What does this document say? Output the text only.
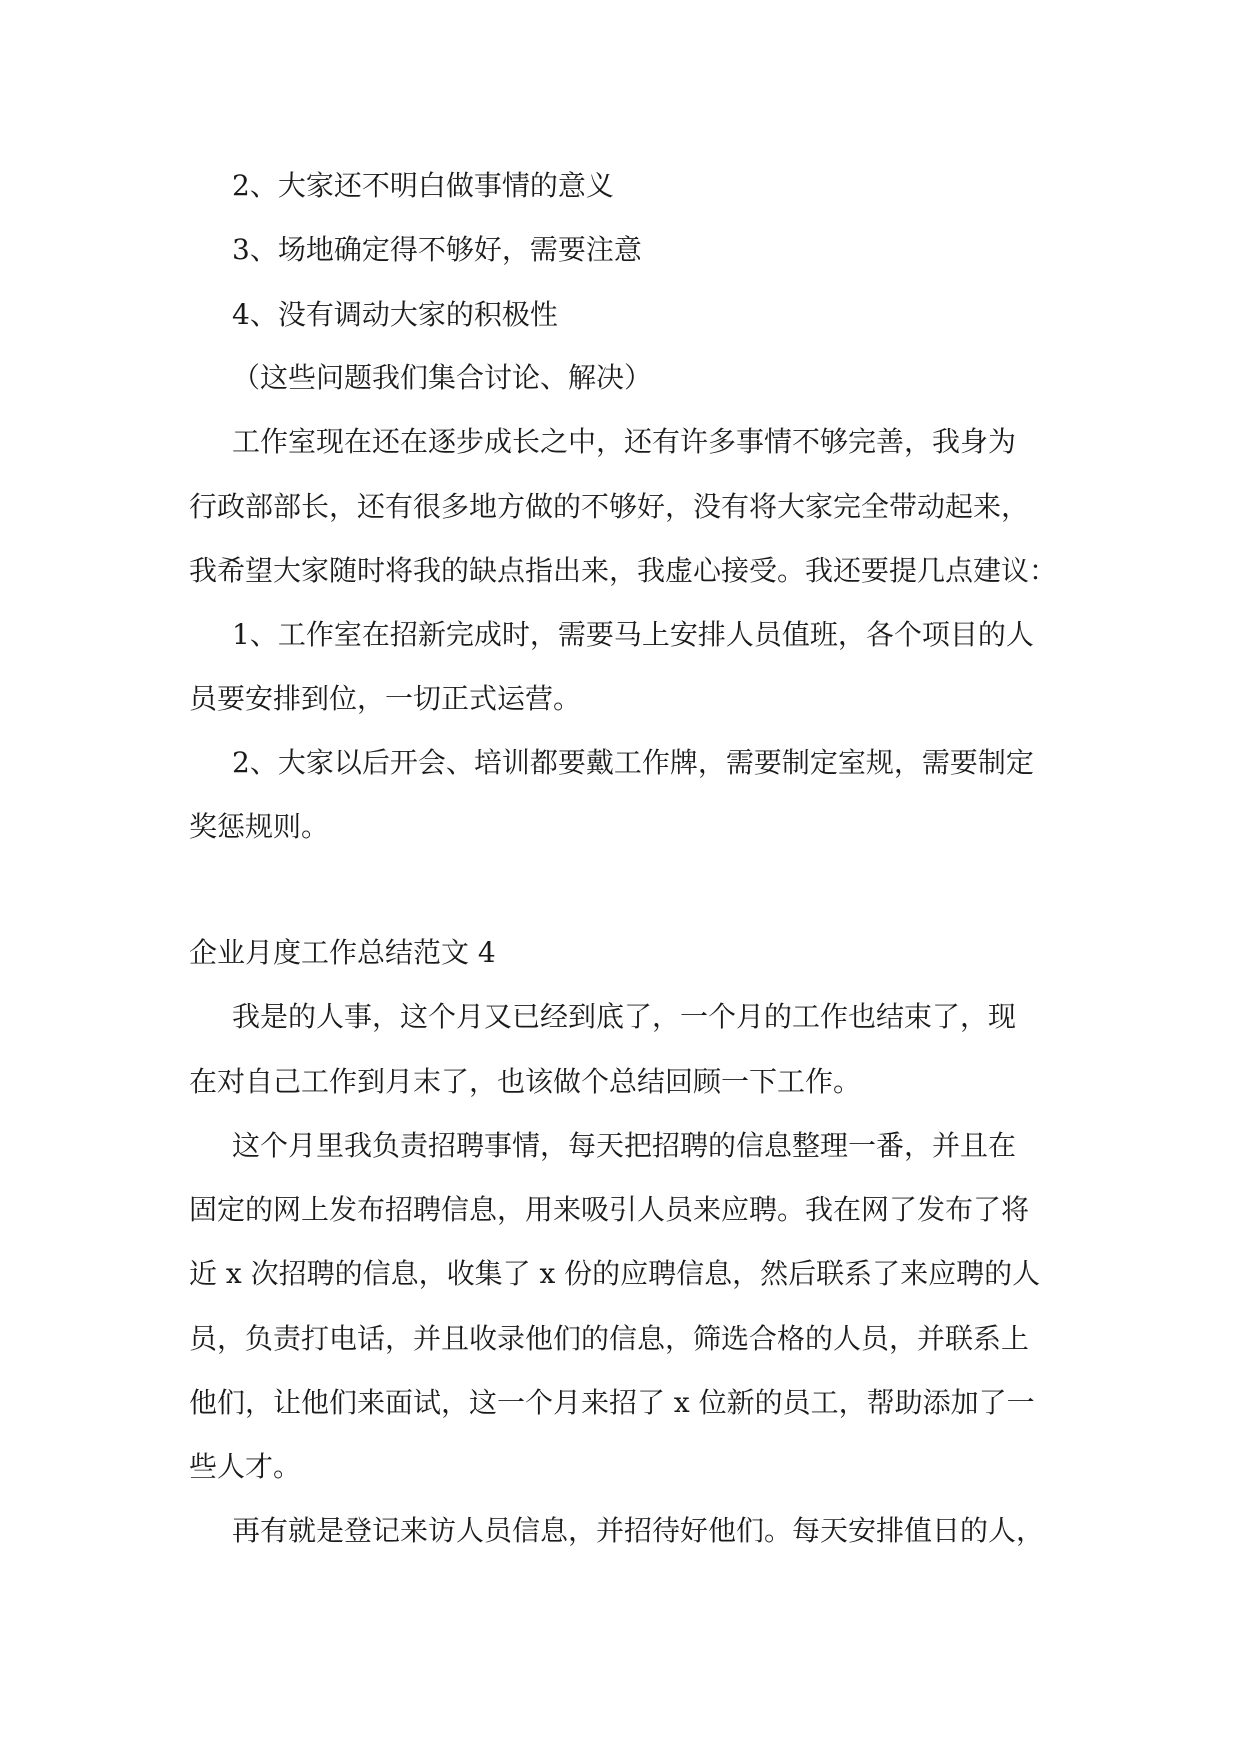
2、大家还不明白做事情的意义

3、场地确定得不够好，需要注意

4、没有调动大家的积极性

（这些问题我们集合讨论、解决）

工作室现在还在逐步成长之中，还有许多事情不够完善，我身为

行政部部长，还有很多地方做的不够好，没有将大家完全带动起来，

我希望大家随时将我的缺点指出来，我虚心接受。我还要提几点建议：

1、工作室在招新完成时，需要马上安排人员值班，各个项目的人

员要安排到位，一切正式运营。

2、大家以后开会、培训都要戴工作牌，需要制定室规，需要制定

奖惩规则。

企业月度工作总结范文 4

我是的人事，这个月又已经到底了，一个月的工作也结束了，现

在对自己工作到月末了，也该做个总结回顾一下工作。

这个月里我负责招聘事情，每天把招聘的信息整理一番，并且在

固定的网上发布招聘信息，用来吸引人员来应聘。我在网了发布了将

近 x 次招聘的信息，收集了 x 份的应聘信息，然后联系了来应聘的人

员，负责打电话，并且收录他们的信息，筛选合格的人员，并联系上

他们，让他们来面试，这一个月来招了 x 位新的员工，帮助添加了一

些人才。

再有就是登记来访人员信息，并招待好他们。每天安排值日的人，
